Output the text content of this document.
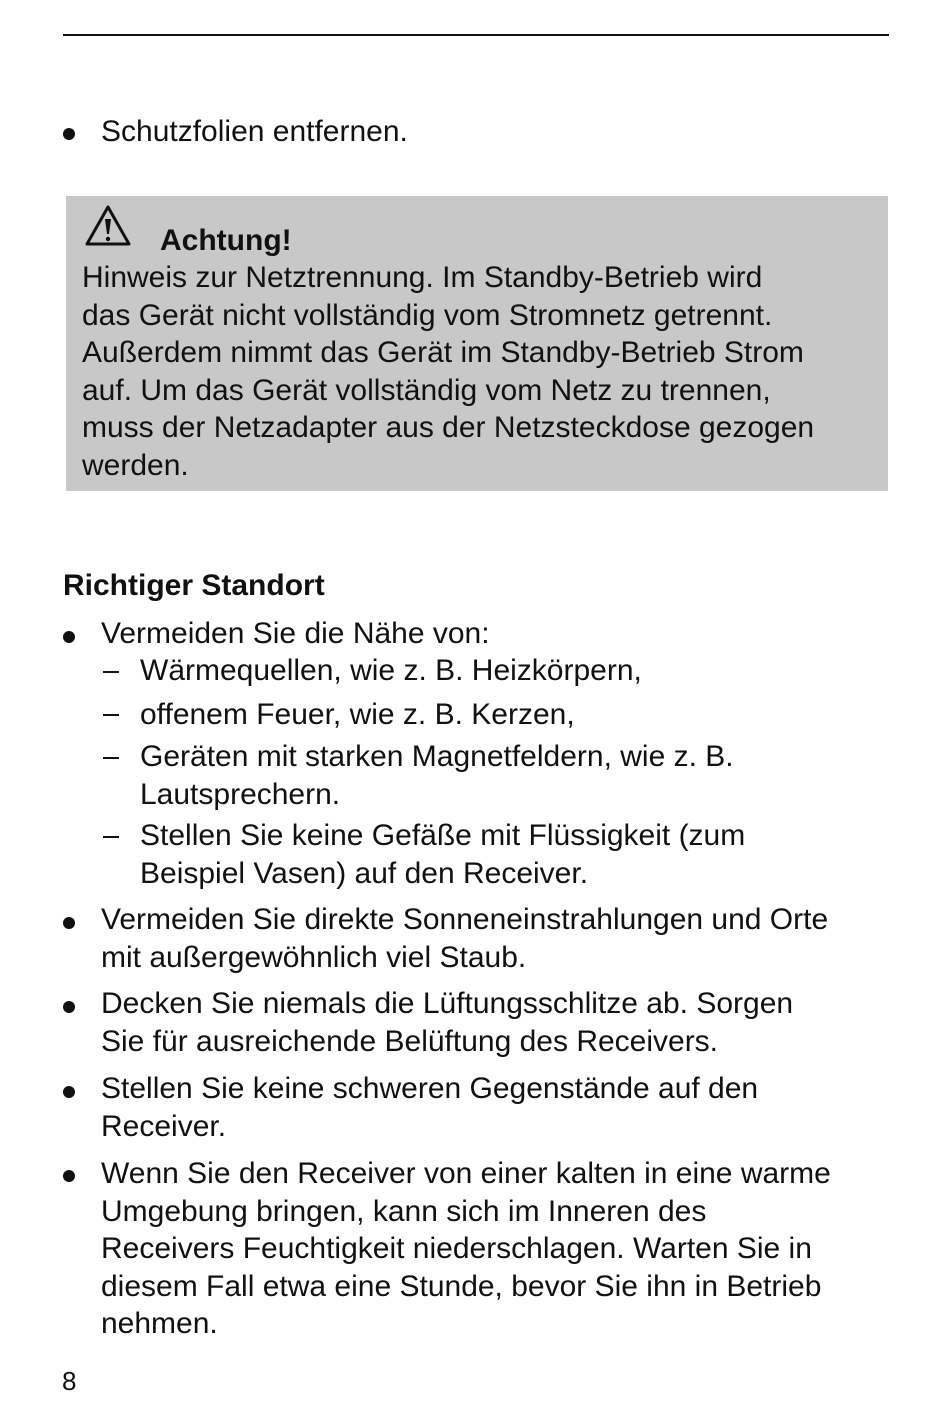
Schutzfolien entfernen.
Achtung!
Hinweis zur Netztrennung. Im Standby-Betrieb wird
das Gerät nicht vollständig vom Stromnetz getrennt.
Außerdem nimmt das Gerät im Standby-Betrieb Strom
auf. Um das Gerät vollständig vom Netz zu trennen,
muss der Netzadapter aus der Netzsteckdose gezogen
werden.
Richtiger Standort
Vermeiden Sie die Nähe von:
Wärmequellen, wie z. B. Heizkörpern,
offenem Feuer, wie z. B. Kerzen,
Geräten mit starken Magnetfeldern, wie z. B.
Lautsprechern.
Stellen Sie keine Gefäße mit Flüssigkeit (zum
Beispiel Vasen) auf den Receiver.
Vermeiden Sie direkte Sonneneinstrahlungen und Orte
mit außergewöhnlich viel Staub.
Decken Sie niemals die Lüftungsschlitze ab. Sorgen
Sie für ausreichende Belüftung des Receivers.
Stellen Sie keine schweren Gegenstände auf den
Receiver.
Wenn Sie den Receiver von einer kalten in eine warme
Umgebung bringen, kann sich im Inneren des
Receivers Feuchtigkeit niederschlagen. Warten Sie in
diesem Fall etwa eine Stunde, bevor Sie ihn in Betrieb
nehmen.
8
